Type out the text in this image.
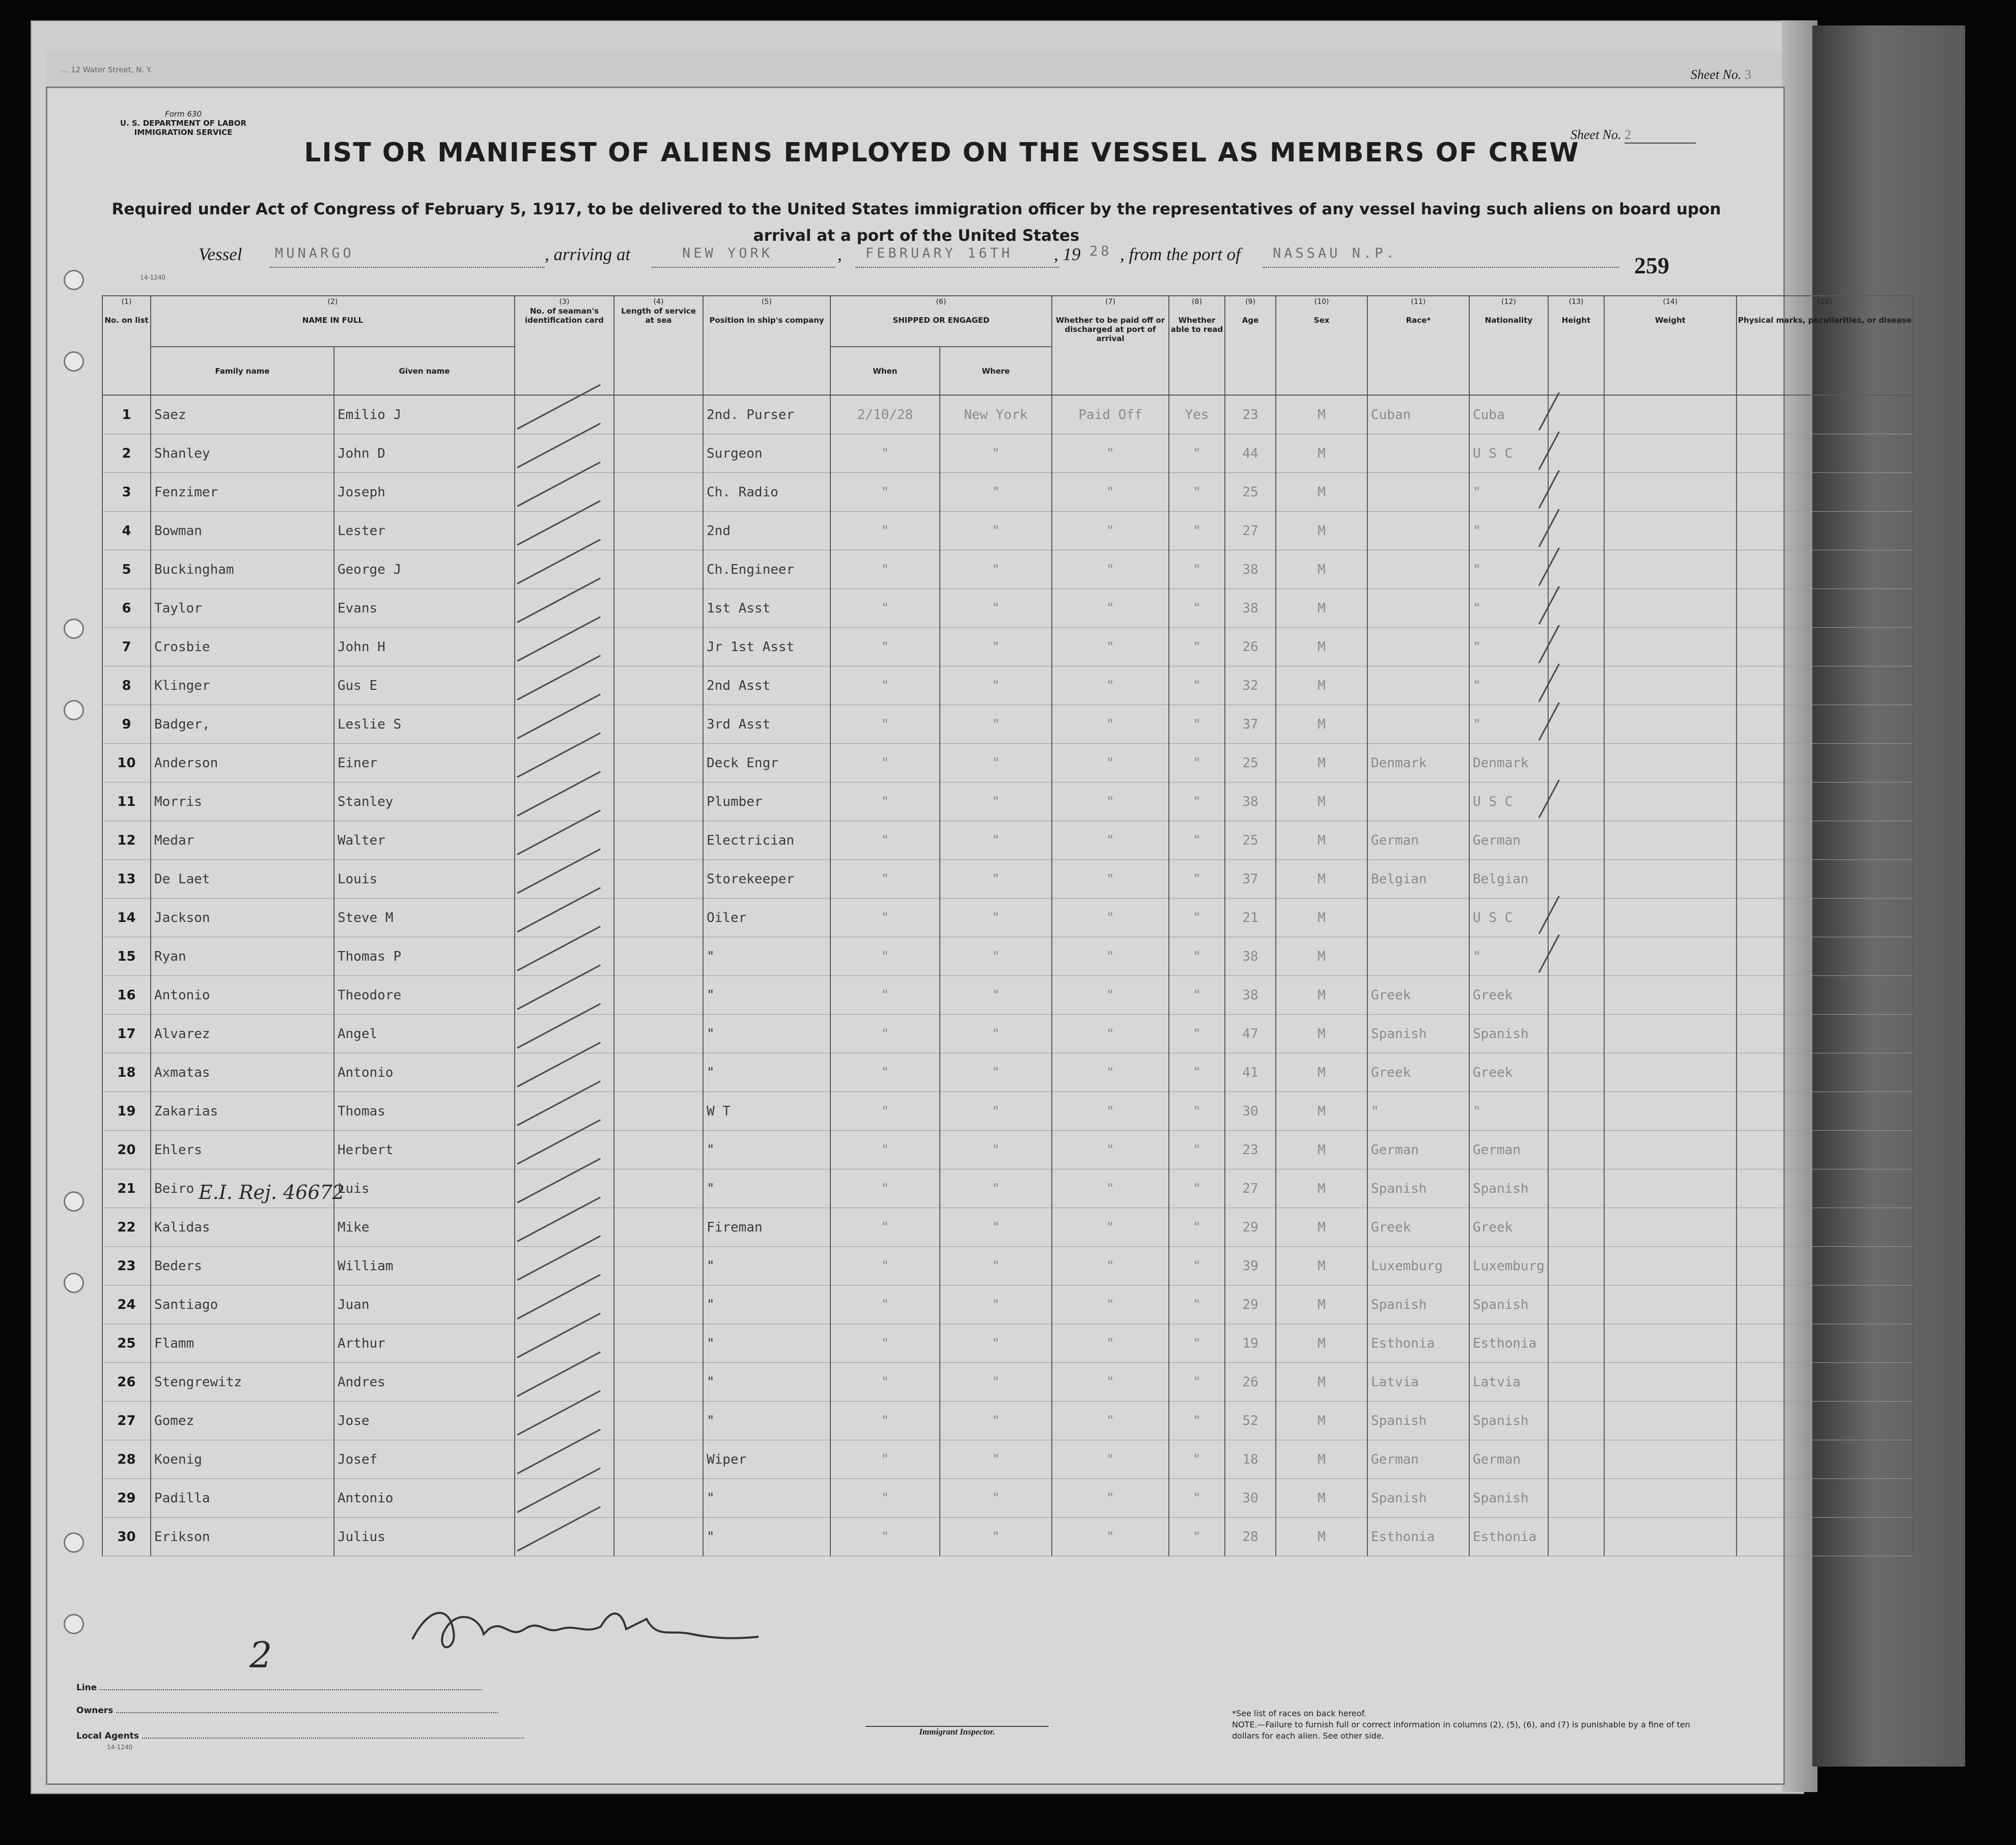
... 12 Water Street, N. Y.	Sheet No. 3
Form 630
U. S. DEPARTMENT OF LABOR
IMMIGRATION SERVICE	Sheet No. 2
LIST OR MANIFEST OF ALIENS EMPLOYED ON THE VESSEL AS MEMBERS OF CREW
Required under Act of Congress of February 5, 1917, to be delivered to the United States immigration officer by the representatives of any vessel having such aliens on board upon arrival at a port of the United States
Vessel MUNARGO	, arriving at	NEW YORK	, FEBRUARY 16TH , 19 28 , from the port of NASSAU N.P.	259
14-1240
(1)

No. on list	(2)

NAME IN FULL		(3)
No. of seaman's identification card	(4)
Length of service at sea	(5)

Position in ship's company	(6)

SHIPPED OR ENGAGED		(7)

Whether to be paid off or discharged at port of arrival	(8)

Whether able to read	(9)

Age	(10)

Sex	(11)

Race*	(12)

Nationality	(13)

Height	(14)

Weight	(15)

Physical marks, peculiarities, or disease
	Family name	Given name				When	Where									
1	Saez	Emilio J			2nd. Purser	2/10/28	New York	Paid Off	Yes	23	M	Cuban	Cuba			
2	Shanley	John D			Surgeon	"	"	"	"	44	M		U S C			
3	Fenzimer	Joseph			Ch. Radio	"	"	"	"	25	M		"			
4	Bowman	Lester			2nd	"	"	"	"	27	M		"			
5	Buckingham	George J			Ch.Engineer	"	"	"	"	38	M		"			
6	Taylor	Evans			1st Asst	"	"	"	"	38	M		"			
7	Crosbie	John H			Jr 1st Asst	"	"	"	"	26	M		"			
8	Klinger	Gus E			2nd Asst	"	"	"	"	32	M		"			
9	Badger,	Leslie S			3rd Asst	"	"	"	"	37	M		"			
10	Anderson	Einer			Deck Engr	"	"	"	"	25	M	Denmark	Denmark			
11	Morris	Stanley			Plumber	"	"	"	"	38	M		U S C			
12	Medar	Walter			Electrician	"	"	"	"	25	M	German	German			
13	De Laet	Louis			Storekeeper	"	"	"	"	37	M	Belgian	Belgian			
14	Jackson	Steve M			Oiler	"	"	"	"	21	M		U S C			
15	Ryan	Thomas P			"	"	"	"	"	38	M		"			
16	Antonio	Theodore			"	"	"	"	"	38	M	Greek	Greek			
17	Alvarez	Angel			"	"	"	"	"	47	M	Spanish	Spanish			
18	Axmatas	Antonio			"	"	"	"	"	41	M	Greek	Greek			
19	Zakarias	Thomas			W T	"	"	"	"	30	M	"	"			
20	Ehlers	Herbert			"	"	"	"	"	23	M	German	German			
21	Beiro	Luis			"	"	"	"	"	27	M	Spanish	Spanish			
22	Kalidas	Mike			Fireman	"	"	"	"	29	M	Greek	Greek			
23	Beders	William			"	"	"	"	"	39	M	Luxemburg	Luxemburg			
24	Santiago	Juan			"	"	"	"	"	29	M	Spanish	Spanish			
25	Flamm	Arthur			"	"	"	"	"	19	M	Esthonia	Esthonia			
26	Stengrewitz	Andres			"	"	"	"	"	26	M	Latvia	Latvia			
27	Gomez	Jose			"	"	"	"	"	52	M	Spanish	Spanish			
28	Koenig	Josef			Wiper	"	"	"	"	18	M	German	German			
29	Padilla	Antonio			"	"	"	"	"	30	M	Spanish	Spanish			
30	Erikson	Julius			"	"	"	"	"	28	M	Esthonia	Esthonia			
E.I. Rej. 46672
2
Line
Owners
Local Agents
14-1240
Immigrant Inspector.
*See list of races on back hereof.
NOTE.—Failure to furnish full or correct information in columns (2), (5), (6), and (7) is punishable by a fine of ten dollars for each alien. See other side.
